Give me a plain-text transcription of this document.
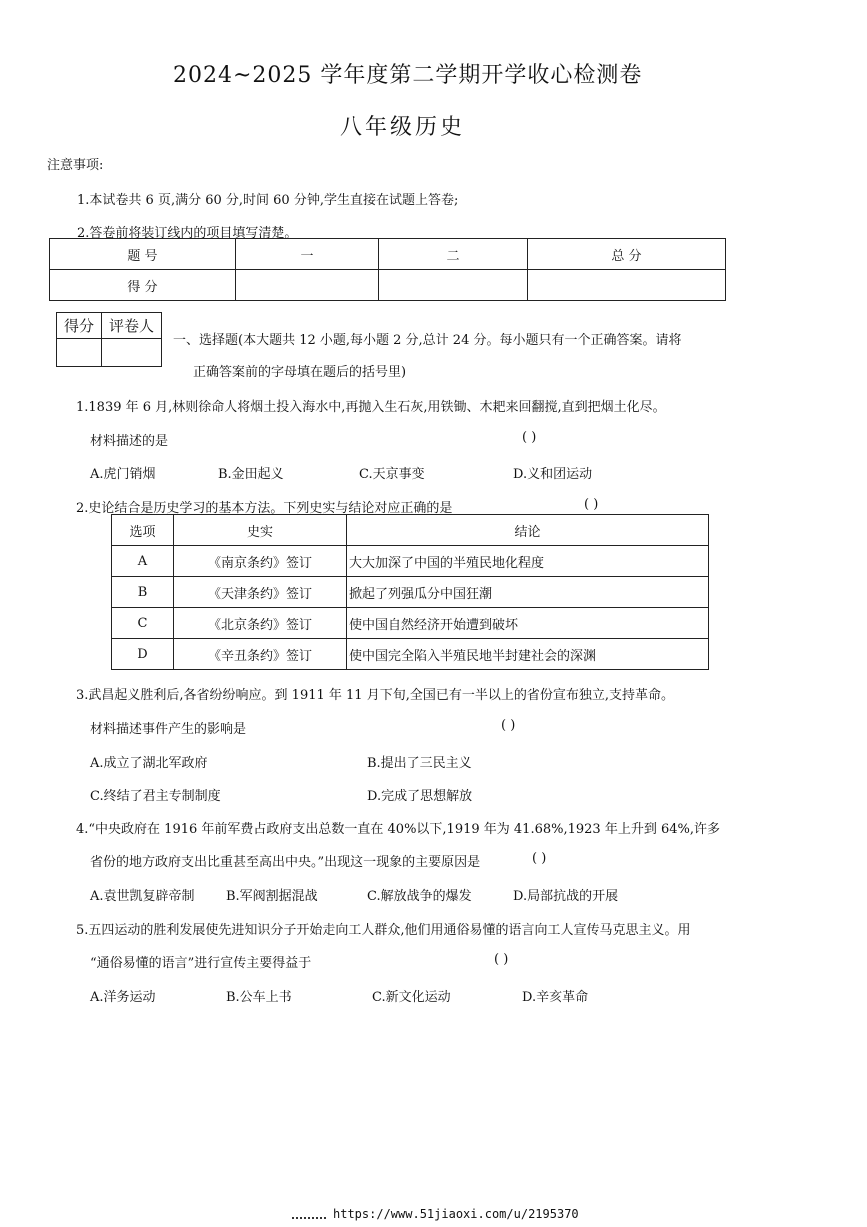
2024~2025 学年度第二学期开学收心检测卷
八年级历史
注意事项:
1.本试卷共 6 页,满分 60 分,时间 60 分钟,学生直接在试题上答卷;
2.答卷前将装订线内的项目填写清楚。
题 号	一	二	总 分
得 分			
得分	评卷人

一、选择题(本大题共 12 小题,每小题 2 分,总计 24 分。每小题只有一个正确答案。请将
正确答案前的字母填在题后的括号里)
1.1839 年 6 月,林则徐命人将烟土投入海水中,再抛入生石灰,用铁锄、木耙来回翻搅,直到把烟土化尽。
材料描述的是	( )
A.虎门销烟	B.金田起义	C.天京事变	D.义和团运动
2.史论结合是历史学习的基本方法。下列史实与结论对应正确的是	( )
选项	史实	结论
A	《南京条约》签订	大大加深了中国的半殖民地化程度
B	《天津条约》签订	掀起了列强瓜分中国狂潮
C	《北京条约》签订	使中国自然经济开始遭到破坏
D	《辛丑条约》签订	使中国完全陷入半殖民地半封建社会的深渊
3.武昌起义胜利后,各省纷纷响应。到 1911 年 11 月下旬,全国已有一半以上的省份宣布独立,支持革命。
材料描述事件产生的影响是	( )
A.成立了湖北军政府	B.提出了三民主义
C.终结了君主专制制度	D.完成了思想解放
4.“中央政府在 1916 年前军费占政府支出总数一直在 40%以下,1919 年为 41.68%,1923 年上升到 64%,许多
省份的地方政府支出比重甚至高出中央。”出现这一现象的主要原因是	( )
A.袁世凯复辟帝制 B.军阀割据混战	C.解放战争的爆发	D.局部抗战的开展
5.五四运动的胜利发展使先进知识分子开始走向工人群众,他们用通俗易懂的语言向工人宣传马克思主义。用
“通俗易懂的语言”进行宣传主要得益于	( )
A.洋务运动	B.公车上书	C.新文化运动	D.辛亥革命
https://www.51jiaoxi.com/u/2195370
